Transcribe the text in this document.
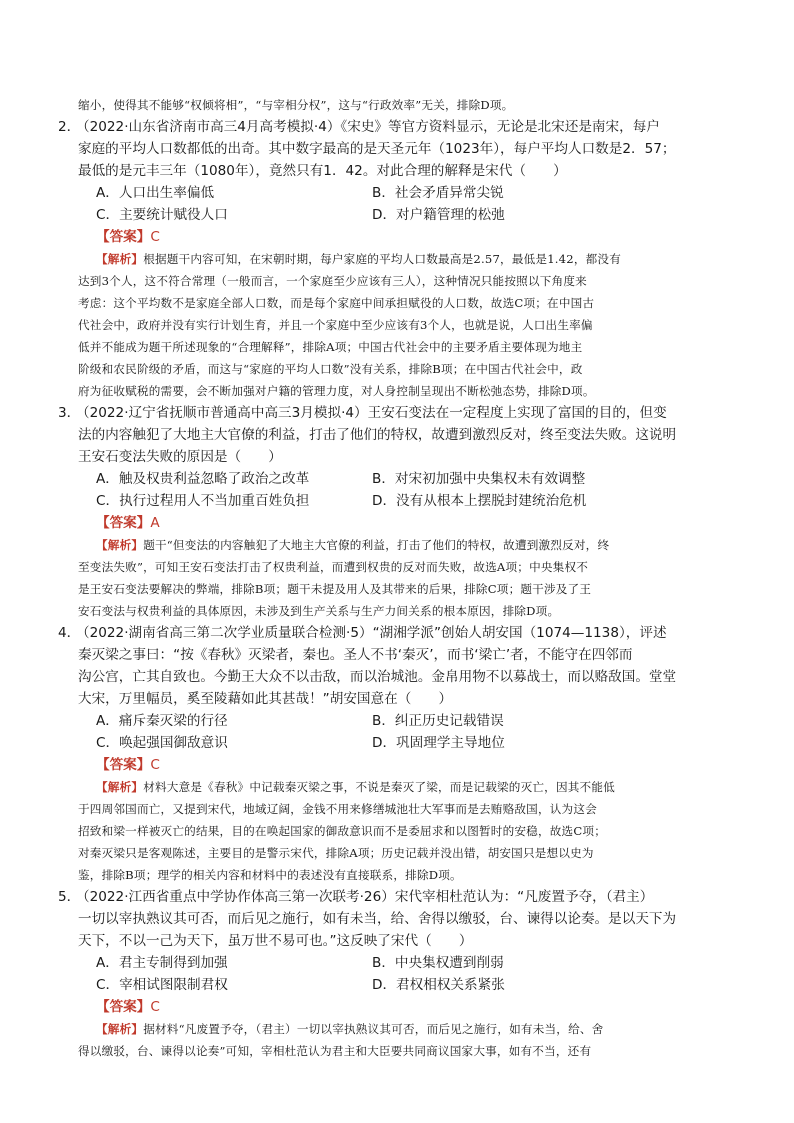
缩小，使得其不能够“权倾将相”，“与宰相分权”，这与“行政效率”无关，排除D项。
2．（2022·山东省济南市高三4月高考模拟·4）《宋史》等官方资料显示，无论是北宋还是南宋，每户
家庭的平均人口数都低的出奇。其中数字最高的是天圣元年（1023年），每户平均人口数是2．57；
最低的是元丰三年（1080年），竟然只有1．42。对此合理的解释是宋代（　　）
A．人口出生率偏低	B．社会矛盾异常尖锐
C．主要统计赋役人口	D．对户籍管理的松弛
【答案】C
【解析】根据题干内容可知，在宋朝时期，每户家庭的平均人口数最高是2.57，最低是1.42，都没有
达到3个人，这不符合常理（一般而言，一个家庭至少应该有三人），这种情况只能按照以下角度来
考虑：这个平均数不是家庭全部人口数，而是每个家庭中间承担赋役的人口数，故选C项；在中国古
代社会中，政府并没有实行计划生育，并且一个家庭中至少应该有3个人，也就是说，人口出生率偏
低并不能成为题干所述现象的“合理解释”，排除A项；中国古代社会中的主要矛盾主要体现为地主
阶级和农民阶级的矛盾，而这与“家庭的平均人口数”没有关系，排除B项；在中国古代社会中，政
府为征收赋税的需要，会不断加强对户籍的管理力度，对人身控制呈现出不断松弛态势，排除D项。
3．（2022·辽宁省抚顺市普通高中高三3月模拟·4）王安石变法在一定程度上实现了富国的目的，但变
法的内容触犯了大地主大官僚的利益，打击了他们的特权，故遭到激烈反对，终至变法失败。这说明
王安石变法失败的原因是（　　）
A．触及权贵利益忽略了政治之改革	B．对宋初加强中央集权未有效调整
C．执行过程用人不当加重百姓负担	D．没有从根本上摆脱封建统治危机
【答案】A
【解析】题干“但变法的内容触犯了大地主大官僚的利益，打击了他们的特权，故遭到激烈反对，终
至变法失败”，可知王安石变法打击了权贵利益，而遭到权贵的反对而失败，故选A项；中央集权不
是王安石变法要解决的弊端，排除B项；题干未提及用人及其带来的后果，排除C项；题干涉及了王
安石变法与权贵利益的具体原因，未涉及到生产关系与生产力间关系的根本原因，排除D项。
4．（2022·湖南省高三第二次学业质量联合检测·5）“湖湘学派”创始人胡安国（1074—1138），评述
秦灭梁之事曰：“按《春秋》灭梁者，秦也。圣人不书‘秦灭’，而书‘梁亡’者，不能守在四邻而
沟公宫，亡其自致也。今勤王大众不以击敌，而以治城池。金帛用物不以募战士，而以赂敌国。堂堂
大宋，万里幅员，奚至陵藉如此其甚哉！”胡安国意在（　　）
A．痛斥秦灭梁的行径	B．纠正历史记载错误
C．唤起强国御敌意识	D．巩固理学主导地位
【答案】C
【解析】材料大意是《春秋》中记载秦灭梁之事，不说是秦灭了梁，而是记载梁的灭亡，因其不能低
于四周邻国而亡，又提到宋代，地域辽阔，金钱不用来修缮城池壮大军事而是去贿赂敌国，认为这会
招致和梁一样被灭亡的结果，目的在唤起国家的御敌意识而不是委屈求和以图暂时的安稳，故选C项；
对秦灭梁只是客观陈述，主要目的是警示宋代，排除A项；历史记载并没出错，胡安国只是想以史为
鉴，排除B项；理学的相关内容和材料中的表述没有直接联系，排除D项。
5．（2022·江西省重点中学协作体高三第一次联考·26）宋代宰相杜范认为：“凡废置予夺，（君主）
一切以宰执熟议其可否，而后见之施行，如有未当，给、舍得以缴驳，台、谏得以论奏。是以天下为
天下，不以一己为天下，虽万世不易可也。”这反映了宋代（　　）
A．君主专制得到加强	B．中央集权遭到削弱
C．宰相试图限制君权	D．君权相权关系紧张
【答案】C
【解析】据材料“凡废置予夺，（君主）一切以宰执熟议其可否，而后见之施行，如有未当，给、舍
得以缴驳，台、谏得以论奏”可知，宰相杜范认为君主和大臣要共同商议国家大事，如有不当，还有
